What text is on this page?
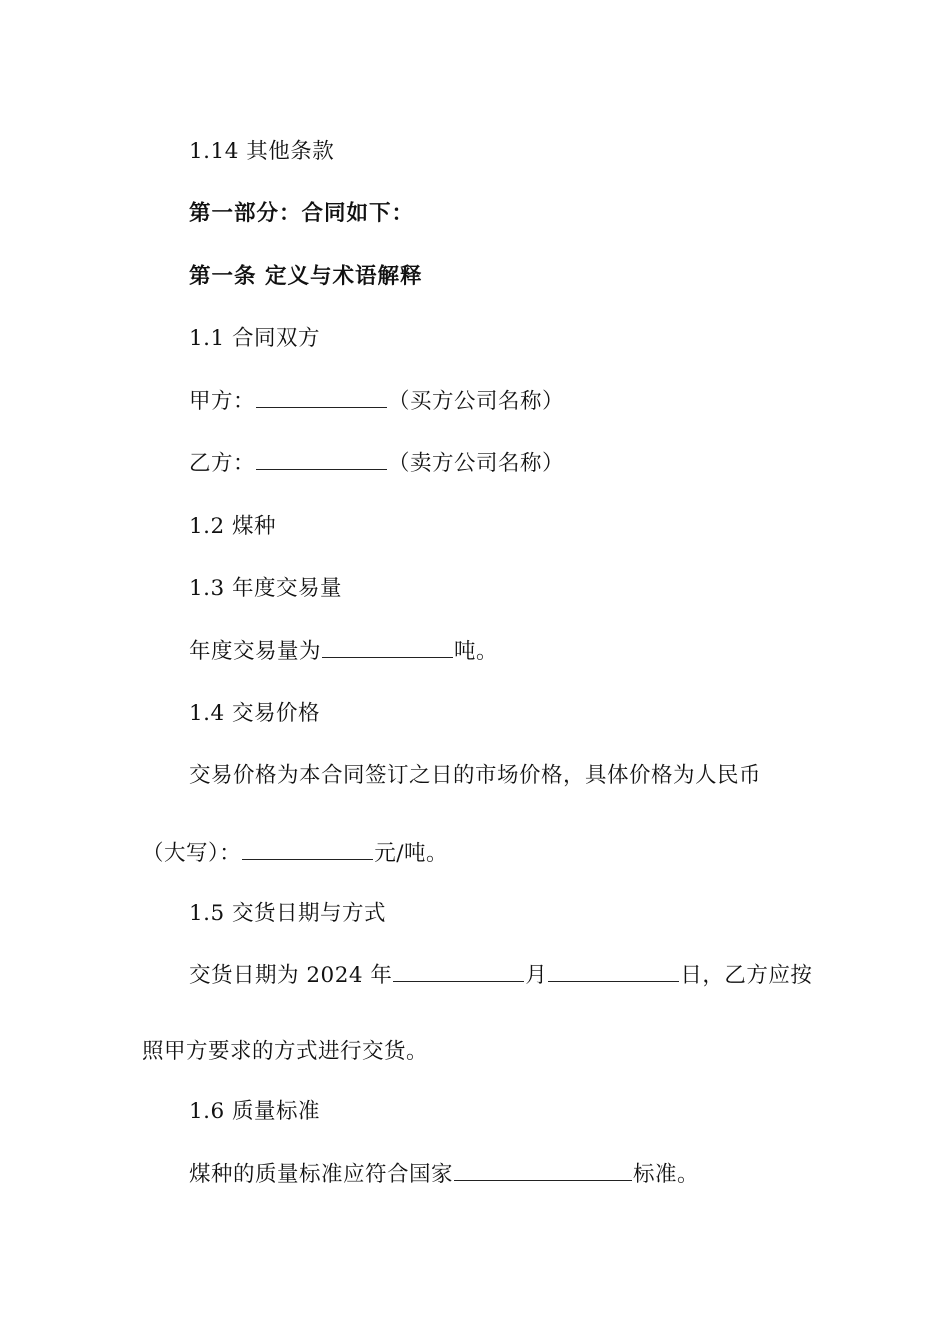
1.14 其他条款
第一部分：合同如下：
第一条 定义与术语解释
1.1 合同双方
甲方：	（买方公司名称）
乙方：	（卖方公司名称）
1.2 煤种
1.3 年度交易量
年度交易量为	吨。
1.4 交易价格
交易价格为本合同签订之日的市场价格，具体价格为人民币
（大写）：	元/吨。
1.5 交货日期与方式
交货日期为 2024 年	月	日，乙方应按
照甲方要求的方式进行交货。
1.6 质量标准
煤种的质量标准应符合国家	标准。
